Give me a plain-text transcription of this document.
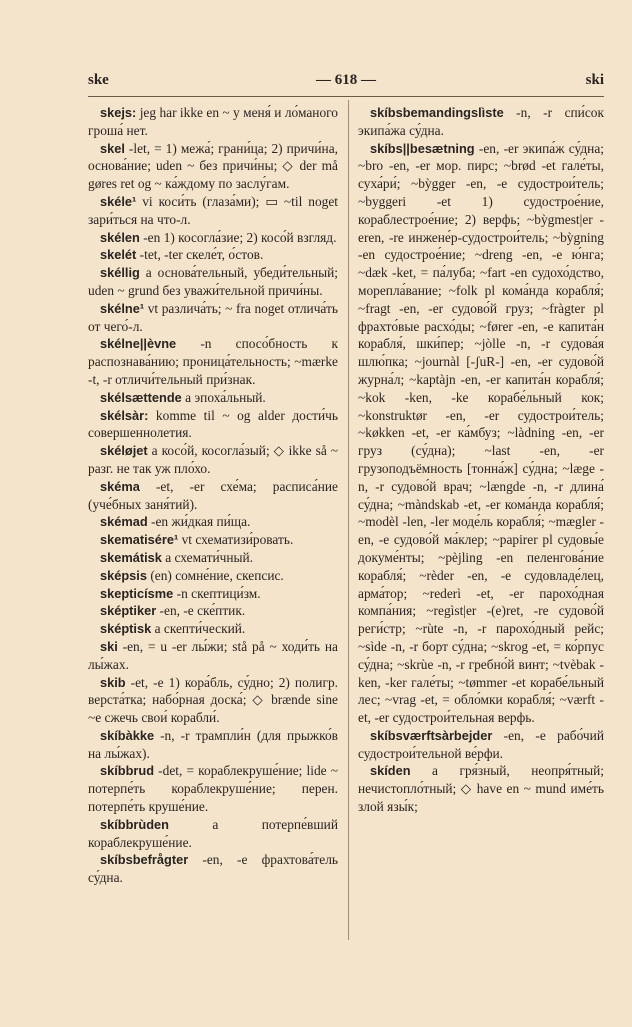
— 618 —
ske	ski

skejs: jeg har ikke en ~ у меня́ и ло́маного гроша́ нет.

skel -let, = 1) межа́; грани́ца; 2) причи́на, основа́ние; uden ~ без причи́ны; ◇ der må gøres ret og ~ ка́ждому по заслу́гам.

skéle¹ vi коси́ть (глаза́ми); ▭ ~til noget зари́ться на что-л.

skélen -en 1) косогла́зие; 2) косо́й взгляд.

skelét -tet, -ter скеле́т, о́стов.

skéllig a основа́тельный, убеди́тельный; uden ~ grund без уважи́тельной причи́ны.

skélne¹ vt различа́ть; ~ fra noget отлича́ть от чего́-л.

skélne||èvne -n спосо́бность к распознава́нию; проница́тельность; ~mærke -t, -r отличи́тельный при́знак.

skélsættende a эпоха́льный.

skélsàr: komme til ~ og alder дости́чь совершеннолетия.

skéløjet a косо́й, косогла́зый; ◇ ikke så ~ разг. не так уж пло́хо.

skéma -et, -er схе́ма; расписа́ние (уче́бных заня́тий).

skémad -en жи́дкая пи́ща.

skematisére¹ vt схематизи́ровать.

skemátisk a схемати́чный.

sképsis (en) сомне́ние, скепсис.

skepticísme -n скептици́зм.

sképtiker -en, -e ске́птик.

sképtisk a скепти́ческий.

ski -en, = u -er лы́жи; stå på ~ ходи́ть на лы́жах.

skib -et, -e 1) кора́бль, су́дно; 2) полигр. верста́тка; набо́рная доска́; ◇ brænde sine ~e сжечь свои́ корабли́.

skíbàkke -n, -r трампли́н (для прыжко́в на лы́жах).

skíbbrud -det, = кораблекруше́ние; lide ~ потерпе́ть кораблекруше́ние; перен. потерпе́ть круше́ние.

skíbbrùden a потерпе́вший кораблекруше́ние.

skíbsbefrågter -en, -e фрахтова́тель су́дна.

skíbsbemandingslìste -n, -r спи́сок экипа́жа су́дна.

skíbs||besætning -en, -er экипа́ж су́дна; ~bro -en, -er мор. пирс; ~brød -et гале́ты, суха́ри́; ~bỳgger -en, -e судострои́тель; ~byggeri -et 1) судострое́ние, кораблестрое́ние; 2) верфь; ~bỳgmest|er -eren, -re инжене́р-судострои́тель; ~bỳgning -en судострое́ние; ~dreng -en, -e ю́нга; ~dæk -ket, = па́луба; ~fart -en судохо́дство, морепла́вание; ~folk pl кома́нда корабля́; ~fragt -en, -er судово́й груз; ~fràgter pl фрахто́вые расхо́ды; ~fører -en, -e капита́н корабля́, шки́пер; ~jòlle -n, -r судова́я шлю́пка; ~journàl [-ʃuR-] -en, -er судово́й журна́л; ~kaptàjn -en, -er капита́н корабля́; ~kok -ken, -ke корабе́льный кок; ~konstruktør -en, -er судострои́тель; ~køkken -et, -er ка́мбуз; ~làdning -en, -er груз (су́дна); ~last -en, -er грузоподъёмность [тонна́ж] су́дна; ~læge -n, -r судово́й врач; ~længde -n, -r длина́ су́дна; ~màndskab -et, -er кома́нда корабля́; ~modèl -len, -ler моде́ль корабля́; ~mægler -en, -e судово́й ма́клер; ~papirer pl судовы́е докуме́нты; ~pèjling -en пеленгова́ние корабля́; ~rèder -en, -e судовладе́лец, арма́тор; ~rederì -et, -er парохо́дная компа́ния; ~regìst|er -(e)ret, -re судово́й реги́стр; ~rùte -n, -r парохо́дный рейс; ~sìde -n, -r борт су́дна; ~skrog -et, = ко́рпус су́дна; ~skrùe -n, -r гребно́й винт; ~tvèbak -ken, -ker гале́ты; ~tømmer -et корабе́льный лес; ~vrag -et, = обло́мки корабля́; ~værft -et, -er судострои́тельная верфь.

skíbsværftsàrbejder -en, -e рабо́чий судострои́тельной ве́рфи.

skíden a гря́зный, неопря́тный; нечистопло́тный; ◇ have en ~ mund име́ть злой язы́к;
